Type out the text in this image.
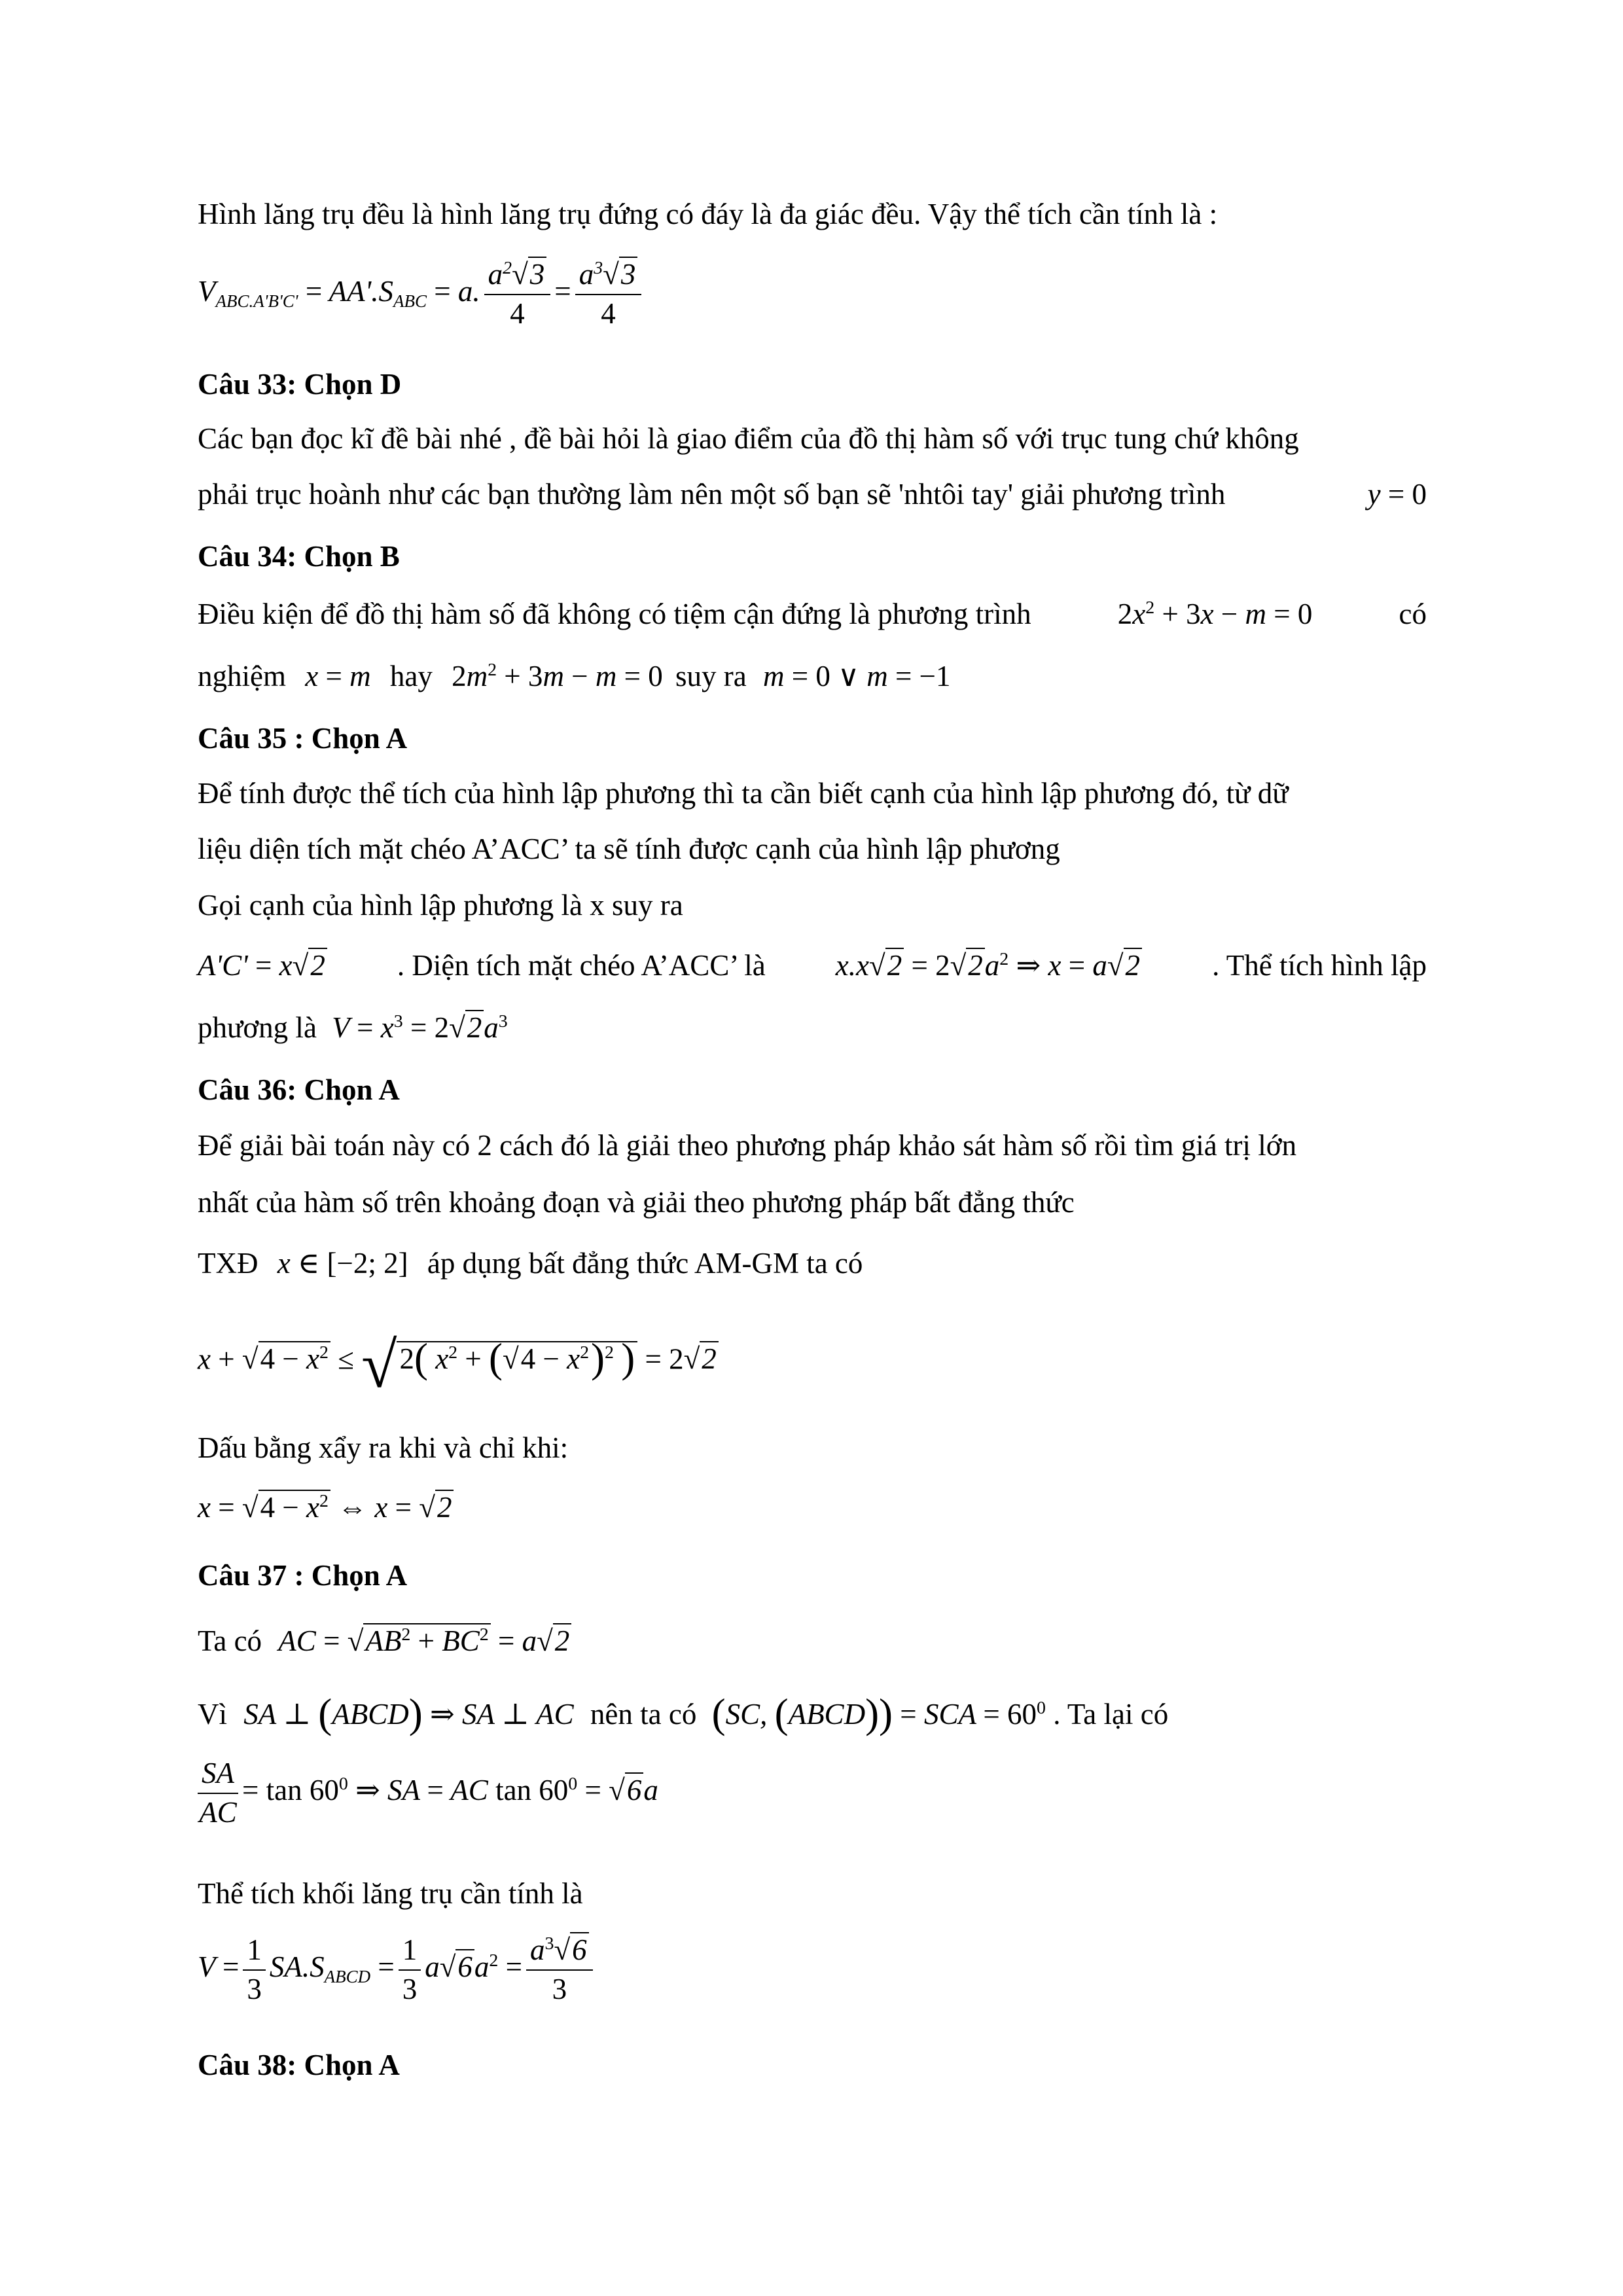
Hình lăng trụ đều là hình lăng trụ đứng có đáy là đa giác đều. Vậy thể tích cần tính là :
$V_{ABC.A'B'C'} = AA'.S_{ABC} = a$. $\frac{a^2√3}{4} = \frac{a^3√3}{4}$
Câu 33: Chọn D
Các bạn đọc kĩ đề bài nhé , đề bài hỏi là giao điểm của đồ thị hàm số với trục tung chứ không
phải trục hoành như các bạn thường làm nên một số bạn sẽ 'nhtôi tay' giải phương trình	y = 0
Câu 34: Chọn B
Điều kiện để đồ thị hàm số đã không có tiệm cận đứng là phương trình	$2x^2 + 3x - m = 0$	có
nghiệm x = m hay $2m^2 + 3m - m = 0$ suy ra m = 0 ∨ m = −1
Câu 35 : Chọn A
Để tính được thể tích của hình lập phương thì ta cần biết cạnh của hình lập phương đó, từ dữ
liệu diện tích mặt chéo A’ACC’ ta sẽ tính được cạnh của hình lập phương
Gọi cạnh của hình lập phương là x suy ra
A'C' = x√2 . Diện tích mặt chéo A’ACC’ là $x.x√2 = 2√2a^2$ ⇒ x = a√2 . Thể tích hình lập
phương là $V = x^3 = 2√2a^3$
Câu 36: Chọn A
Để giải bài toán này có 2 cách đó là giải theo phương pháp khảo sát hàm số rồi tìm giá trị lớn
nhất của hàm số trên khoảng đoạn và giải theo phương pháp bất đẳng thức
TXĐ x ∈ [−2; 2] áp dụng bất đẳng thức AM-GM ta có
$x + √4 - x^2 \le √2$( $x^2 + (√4 - x^2)^2$ ) = 2√2
Dấu bằng xẩy ra khi và chỉ khi:
$x = √4 - x^2$ ⇔ x = √2
Câu 37 : Chọn A
Ta có AC = $√AB^2 + BC^2 = a√2$
Vì SA ⊥ (ABCD) ⇒ SA ⊥ AC nên ta có (SC, (ABCD)) = SCA = $60^0$ . Ta lại có
$\frac{SA}{AC} = \tan 60^0$ ⇒ SA = AC $\tan 60^0 = √6a$
Thể tích khối lăng trụ cần tính là
$V = \frac{1}{3} SA.S_{ABCD} = \frac{1}{3} a√6a^2 = \frac{a^3√6}{3}$
Câu 38: Chọn A
